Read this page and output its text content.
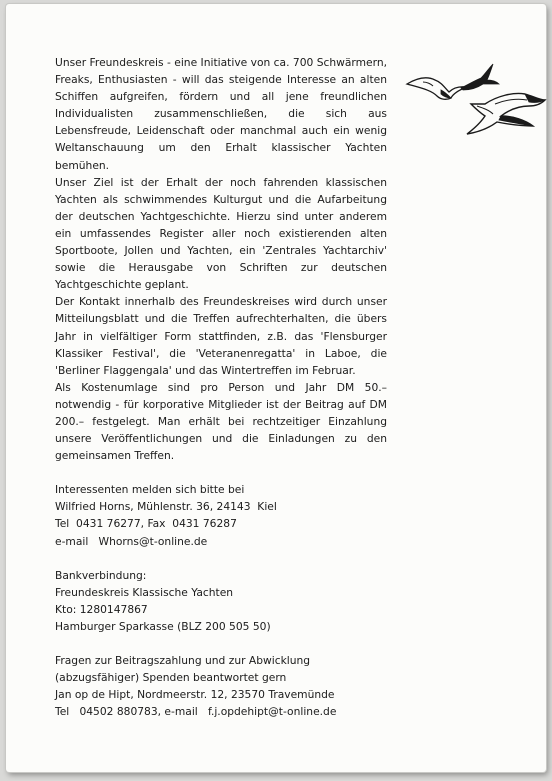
Unser Freundeskreis - eine Initiative von ca. 700 Schwärmern, Freaks, Enthusiasten - will das steigende Interesse an alten Schiffen aufgreifen, fördern und all jene freundlichen Individualisten zusammenschließen, die sich aus Lebensfreude, Leidenschaft oder manchmal auch ein wenig Weltanschauung um den Erhalt klassischer Yachten bemühen.

Unser Ziel ist der Erhalt der noch fahrenden klassischen Yachten als schwimmendes Kulturgut und die Aufarbeitung der deutschen Yachtgeschichte. Hierzu sind unter anderem ein umfassendes Register aller noch existierenden alten Sportboote, Jollen und Yachten, ein 'Zentrales Yachtarchiv' sowie die Herausgabe von Schriften zur deutschen Yachtgeschichte geplant.

Der Kontakt innerhalb des Freundeskreises wird durch unser Mitteilungsblatt und die Treffen aufrechterhalten, die übers Jahr in vielfältiger Form stattfinden, z.B. das 'Flensburger Klassiker Festival', die 'Veteranenregatta' in Laboe, die 'Berliner Flaggengala' und das Wintertreffen im Februar.

Als Kostenumlage sind pro Person und Jahr DM 50.– notwendig - für korporative Mitglieder ist der Beitrag auf DM 200.– festgelegt. Man erhält bei rechtzeitiger Einzahlung unsere Veröffentlichungen und die Einladungen zu den gemeinsamen Treffen.

Interessenten melden sich bitte bei
Wilfried Horns, Mühlenstr. 36, 24143  Kiel
Tel  0431 76277, Fax  0431 76287
e-mail   Whorns@t-online.de
Bankverbindung:
Freundeskreis Klassische Yachten
Kto: 1280147867
Hamburger Sparkasse (BLZ 200 505 50)
Fragen zur Beitragszahlung und zur Abwicklung
(abzugsfähiger) Spenden beantwortet gern
Jan op de Hipt, Nordmeerstr. 12, 23570 Travemünde
Tel   04502 880783, e-mail   f.j.opdehipt@t-online.de
